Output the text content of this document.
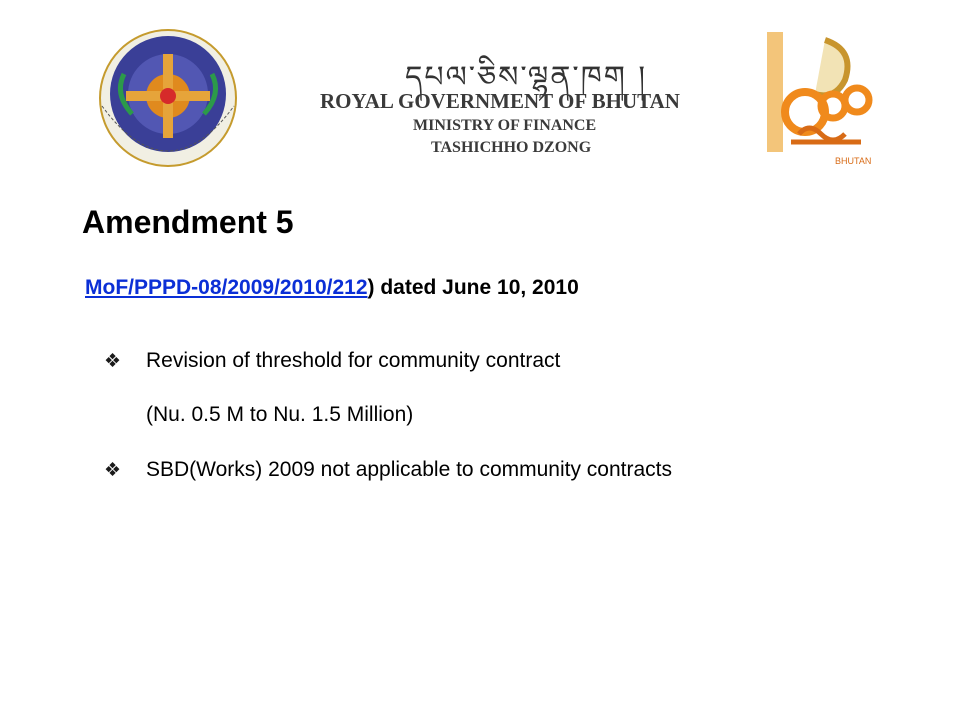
དཔལ་ཅིས་ལྷན་ཁག །
ROYAL GOVERNMENT OF BHUTAN
MINISTRY OF FINANCE
TASHICHHO DZONG
BHUTAN
Amendment 5
MoF/PPPD-08/2009/2010/212) dated June 10, 2010
❖ Revision of threshold for community contract
(Nu. 0.5 M to Nu. 1.5 Million)
❖ SBD(Works) 2009 not applicable to community contracts
